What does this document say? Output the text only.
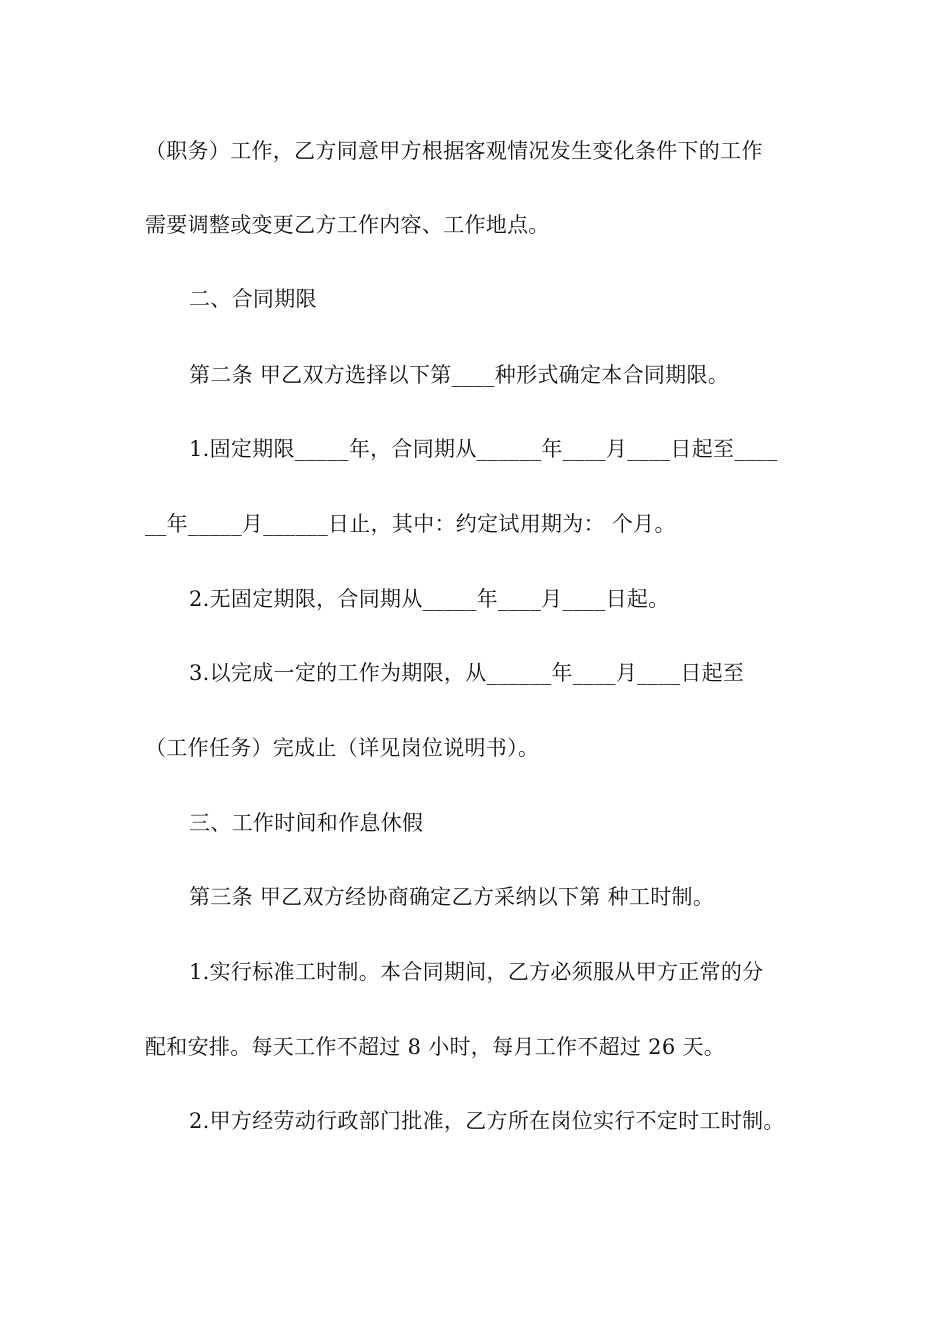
（职务）工作，乙方同意甲方根据客观情况发生变化条件下的工作
需要调整或变更乙方工作内容、工作地点。
二、合同期限
第二条 甲乙双方选择以下第____种形式确定本合同期限。
1.固定期限_____年，合同期从______年____月____日起至____
__年_____月______日止，其中：约定试用期为： 个月。
2.无固定期限，合同期从_____年____月____日起。
3.以完成一定的工作为期限，从______年____月____日起至
（工作任务）完成止（详见岗位说明书）。
三、工作时间和作息休假
第三条 甲乙双方经协商确定乙方采纳以下第 种工时制。
1.实行标准工时制。本合同期间，乙方必须服从甲方正常的分
配和安排。每天工作不超过 8 小时，每月工作不超过 26 天。
2.甲方经劳动行政部门批准，乙方所在岗位实行不定时工时制。
